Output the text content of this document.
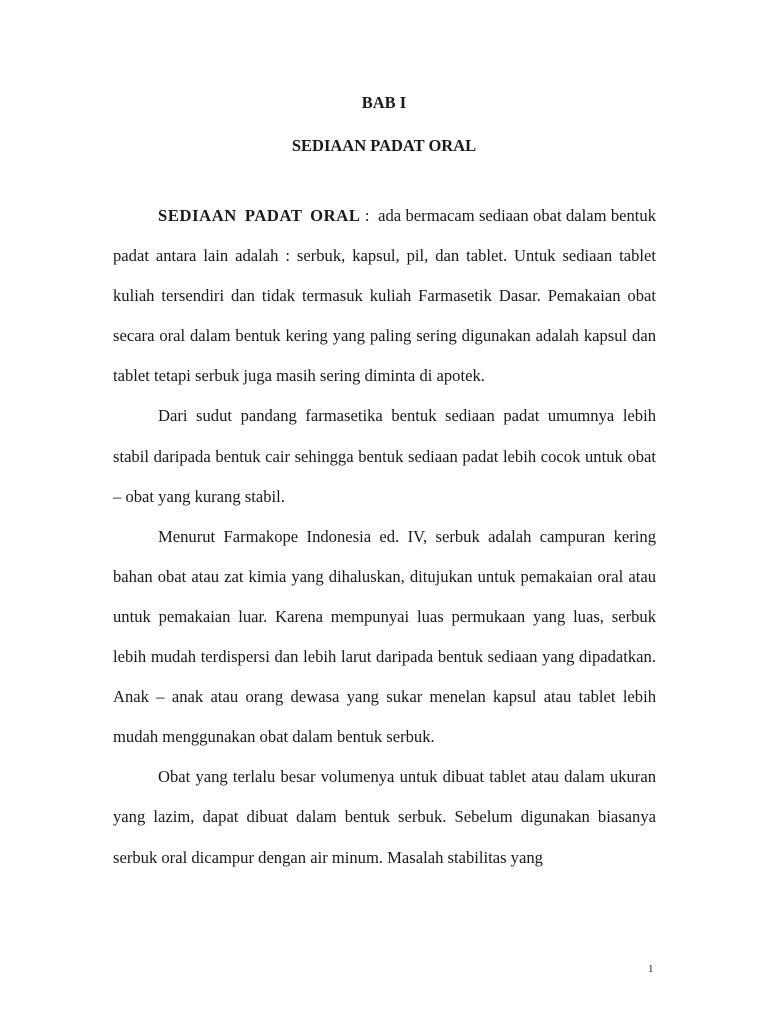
BAB I
SEDIAAN PADAT ORAL

SEDIAAN PADAT ORAL :  ada bermacam sediaan obat dalam bentuk padat antara lain adalah : serbuk, kapsul, pil, dan tablet. Untuk sediaan tablet kuliah tersendiri dan tidak termasuk kuliah Farmasetik Dasar. Pemakaian obat secara oral dalam bentuk kering yang paling sering digunakan adalah kapsul dan tablet tetapi serbuk juga masih sering diminta di apotek.

Dari sudut pandang farmasetika bentuk sediaan padat umumnya lebih stabil daripada bentuk cair sehingga bentuk sediaan padat lebih cocok untuk obat – obat yang kurang stabil.

Menurut Farmakope Indonesia ed. IV, serbuk adalah campuran kering bahan obat atau zat kimia yang dihaluskan, ditujukan untuk pemakaian oral atau untuk pemakaian luar. Karena mempunyai luas permukaan yang luas, serbuk lebih mudah terdispersi dan lebih larut daripada bentuk sediaan yang dipadatkan. Anak – anak atau orang dewasa yang sukar menelan kapsul atau tablet lebih mudah menggunakan obat dalam bentuk serbuk.

Obat yang terlalu besar volumenya untuk dibuat tablet atau dalam ukuran yang lazim, dapat dibuat dalam bentuk serbuk. Sebelum digunakan biasanya serbuk oral dicampur dengan air minum. Masalah stabilitas yang

1
